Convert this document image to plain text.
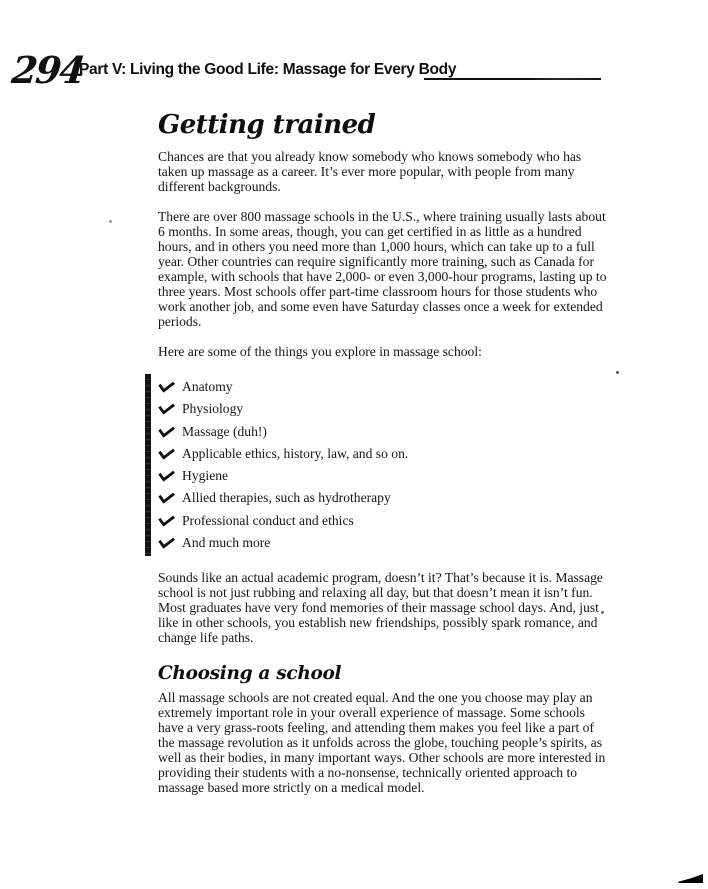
294
Part V: Living the Good Life: Massage for Every Body
Getting trained

Chances are that you already know somebody who knows somebody who has taken up massage as a career. It’s ever more popular, with people from many different backgrounds.

There are over 800 massage schools in the U.S., where training usually lasts about 6 months. In some areas, though, you can get certified in as little as a hundred hours, and in others you need more than 1,000 hours, which can take up to a full year. Other countries can require significantly more training, such as Canada for example, with schools that have 2,000- or even 3,000-hour programs, lasting up to three years. Most schools offer part-time classroom hours for those students who work another job, and some even have Saturday classes once a week for extended periods.

Here are some of the things you explore in massage school:

Anatomy
Physiology
Massage (duh!)
Applicable ethics, history, law, and so on.
Hygiene
Allied therapies, such as hydrotherapy
Professional conduct and ethics
And much more

Sounds like an actual academic program, doesn’t it? That’s because it is. Massage school is not just rubbing and relaxing all day, but that doesn’t mean it isn’t fun. Most graduates have very fond memories of their massage school days. And, just like in other schools, you establish new friendships, possibly spark romance, and change life paths.

Choosing a school

All massage schools are not created equal. And the one you choose may play an extremely important role in your overall experience of massage. Some schools have a very grass-roots feeling, and attending them makes you feel like a part of the massage revolution as it unfolds across the globe, touching people’s spirits, as well as their bodies, in many important ways. Other schools are more interested in providing their students with a no-nonsense, technically oriented approach to massage based more strictly on a medical model.
